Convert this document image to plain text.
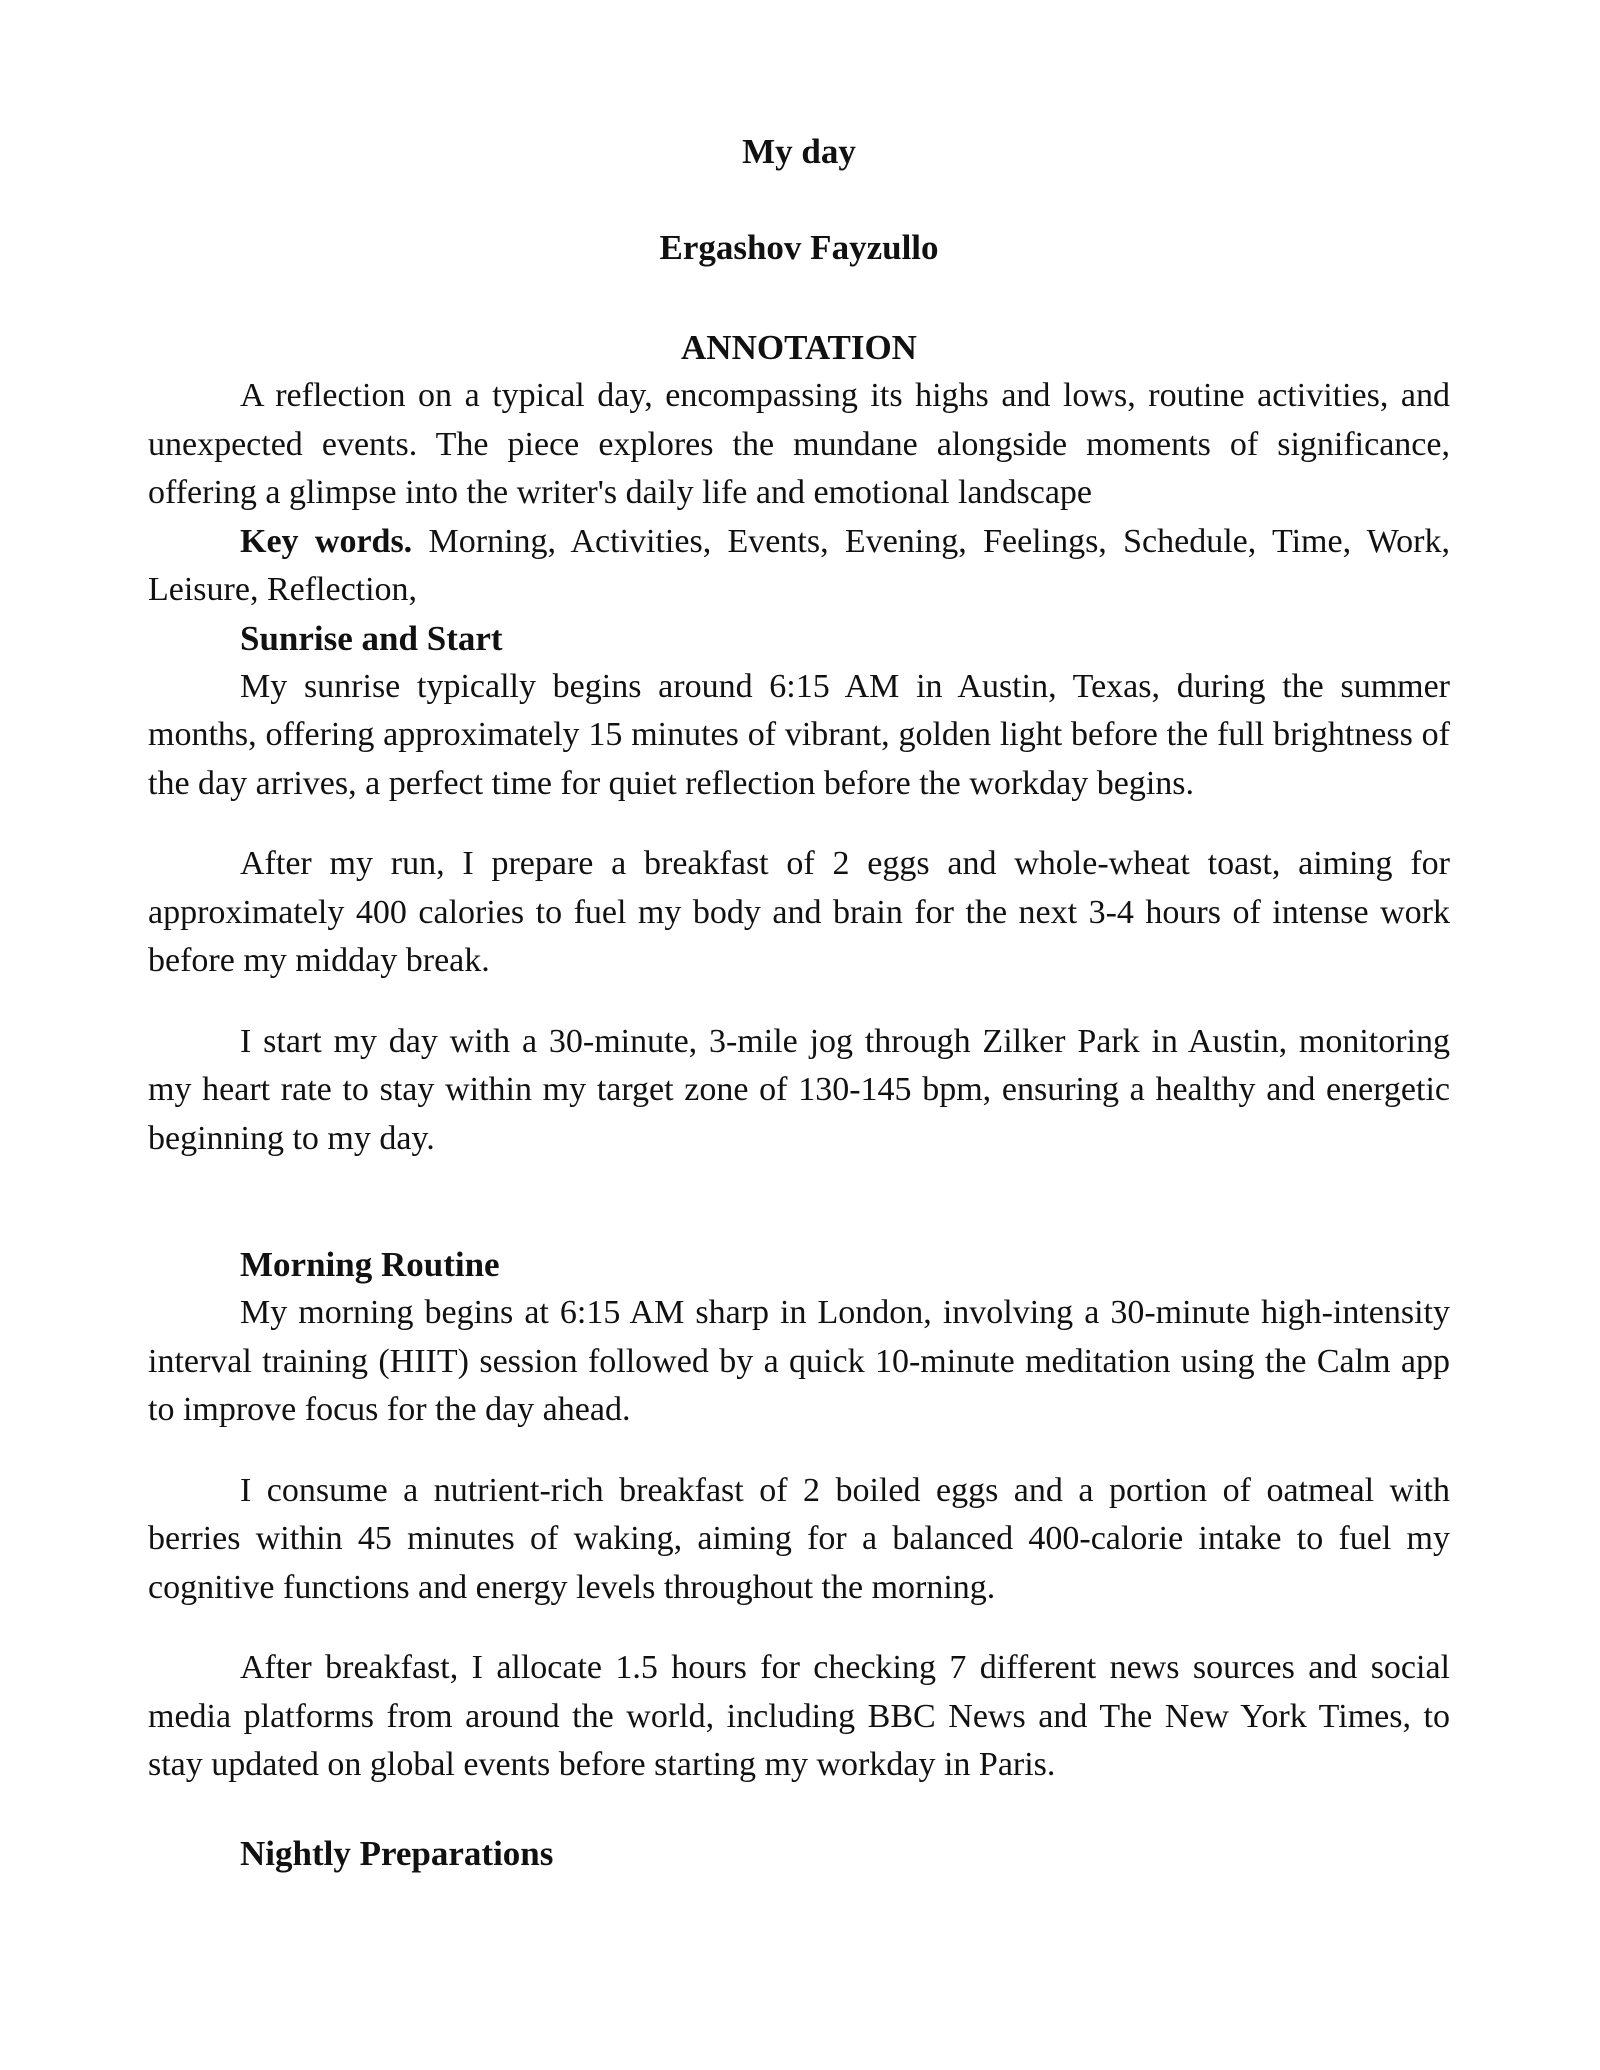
My day
Ergashov Fayzullo
ANNOTATION

A reflection on a typical day, encompassing its highs and lows, routine activities, and unexpected events. The piece explores the mundane alongside moments of significance, offering a glimpse into the writer's daily life and emotional landscape

Key words. Morning, Activities, Events, Evening, Feelings, Schedule, Time, Work, Leisure, Reflection,

Sunrise and Start

My sunrise typically begins around 6:15 AM in Austin, Texas, during the summer months, offering approximately 15 minutes of vibrant, golden light before the full brightness of the day arrives, a perfect time for quiet reflection before the workday begins.

After my run, I prepare a breakfast of 2 eggs and whole-wheat toast, aiming for approximately 400 calories to fuel my body and brain for the next 3-4 hours of intense work before my midday break.

I start my day with a 30-minute, 3-mile jog through Zilker Park in Austin, monitoring my heart rate to stay within my target zone of 130-145 bpm, ensuring a healthy and energetic beginning to my day.

Morning Routine

My morning begins at 6:15 AM sharp in London, involving a 30-minute high-intensity interval training (HIIT) session followed by a quick 10-minute meditation using the Calm app to improve focus for the day ahead.

I consume a nutrient-rich breakfast of 2 boiled eggs and a portion of oatmeal with berries within 45 minutes of waking, aiming for a balanced 400-calorie intake to fuel my cognitive functions and energy levels throughout the morning.

After breakfast, I allocate 1.5 hours for checking 7 different news sources and social media platforms from around the world, including BBC News and The New York Times, to stay updated on global events before starting my workday in Paris.

Nightly Preparations
